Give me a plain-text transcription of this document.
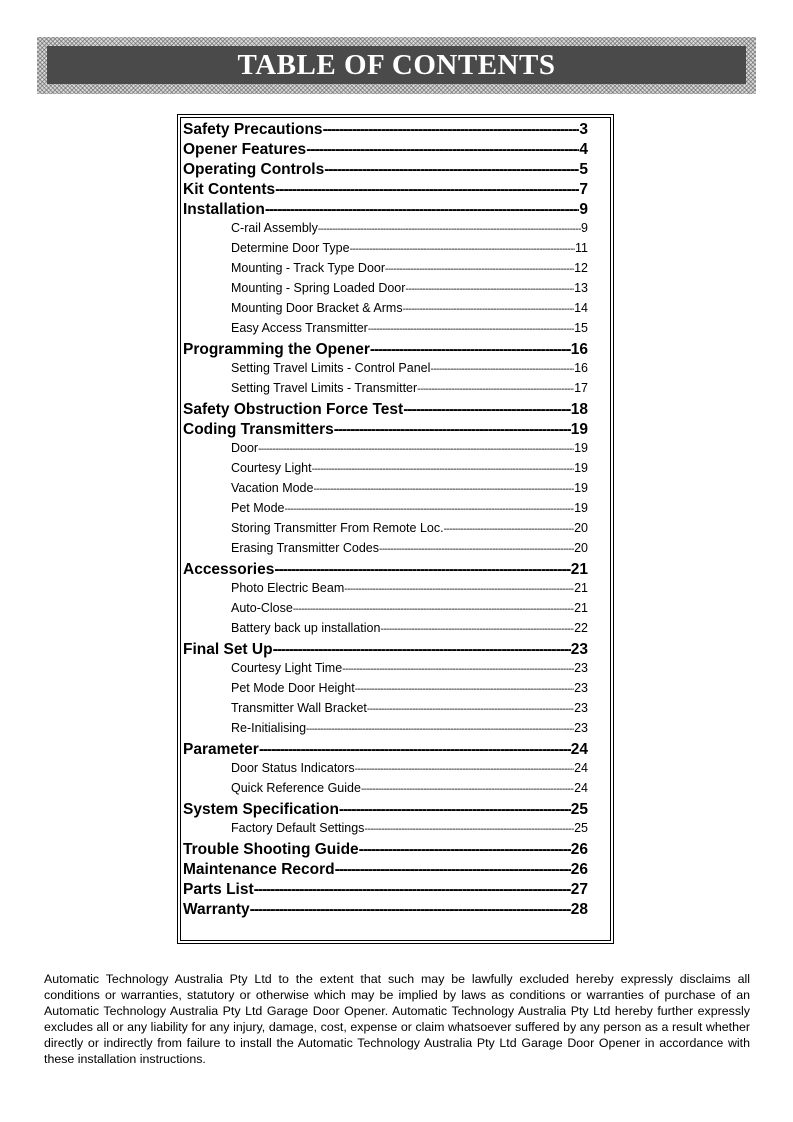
TABLE OF CONTENTS
Safety Precautions -----	3
Opener Features -----	4
Operating Controls -----	5
Kit Contents -----	7
Installation -----	9
C-rail Assembly -----	9
Determine Door Type -----	11
Mounting - Track Type Door -----	12
Mounting - Spring Loaded Door -----	13
Mounting Door Bracket & Arms -----	14
Easy Access Transmitter -----	15
Programming the Opener -----	16
Setting Travel Limits - Control Panel -----	16
Setting Travel Limits - Transmitter -----	17
Safety Obstruction Force Test -----	18
Coding Transmitters -----	19
Door -----	19
Courtesy Light -----	19
Vacation Mode -----	19
Pet Mode -----	19
Storing Transmitter From Remote Loc. -----	20
Erasing Transmitter Codes -----	20
Accessories -----	21
Photo Electric Beam -----	21
Auto-Close -----	21
Battery back up installation -----	22
Final Set Up -----	23
Courtesy Light Time -----	23
Pet Mode Door Height -----	23
Transmitter Wall Bracket -----	23
Re-Initialising -----	23
Parameter -----	24
Door Status Indicators -----	24
Quick Reference Guide -----	24
System Specification -----	25
Factory Default Settings -----	25
Trouble Shooting Guide -----	26
Maintenance Record -----	26
Parts List -----	27
Warranty -----	28

Automatic Technology Australia Pty Ltd to the extent that such may be lawfully excluded hereby expressly disclaims all conditions or warranties, statutory or otherwise which may be implied by laws as conditions or warranties of purchase of an Automatic Technology Australia Pty Ltd Garage Door Opener. Automatic Technology Australia Pty Ltd hereby further expressly excludes all or any liability for any injury, damage, cost, expense or claim whatsoever suffered by any person as a result whether directly or indirectly from failure to install the Automatic Technology Australia Pty Ltd Garage Door Opener in accordance with these installation instructions.
